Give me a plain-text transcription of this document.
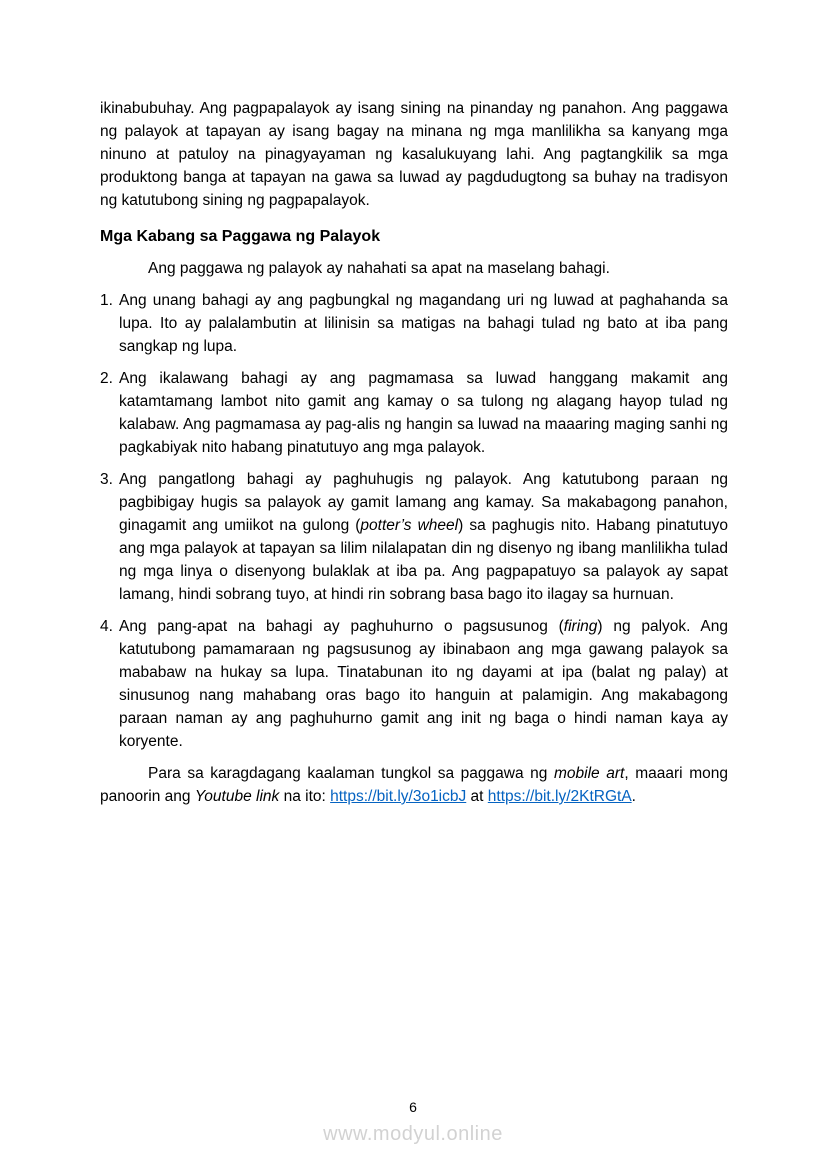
ikinabubuhay. Ang pagpapalayok ay isang sining na pinanday ng panahon. Ang paggawa ng palayok at tapayan ay isang bagay na minana ng mga manlilikha sa kanyang mga ninuno at patuloy na pinagyayaman ng kasalukuyang lahi. Ang pagtangkilik sa mga produktong banga at tapayan na gawa sa luwad ay pagdudugtong sa buhay na tradisyon ng katutubong sining ng pagpapalayok.

Mga Kabang sa Paggawa ng Palayok

Ang paggawa ng palayok ay nahahati sa apat na maselang bahagi.

1. Ang unang bahagi ay ang pagbungkal ng magandang uri ng luwad at paghahanda sa lupa. Ito ay palalambutin at lilinisin sa matigas na bahagi tulad ng bato at iba pang sangkap ng lupa.
2. Ang ikalawang bahagi ay ang pagmamasa sa luwad hanggang makamit ang katamtamang lambot nito gamit ang kamay o sa tulong ng alagang hayop tulad ng kalabaw. Ang pagmamasa ay pag-alis ng hangin sa luwad na maaaring maging sanhi ng pagkabiyak nito habang pinatutuyo ang mga palayok.
3. Ang pangatlong bahagi ay paghuhugis ng palayok. Ang katutubong paraan ng pagbibigay hugis sa palayok ay gamit lamang ang kamay. Sa makabagong panahon, ginagamit ang umiikot na gulong (potter’s wheel) sa paghugis nito. Habang pinatutuyo ang mga palayok at tapayan sa lilim nilalapatan din ng disenyo ng ibang manlilikha tulad ng mga linya o disenyong bulaklak at iba pa. Ang pagpapatuyo sa palayok ay sapat lamang, hindi sobrang tuyo, at hindi rin sobrang basa bago ito ilagay sa hurnuan.
4. Ang pang-apat na bahagi ay paghuhurno o pagsusunog (firing) ng palyok. Ang katutubong pamamaraan ng pagsusunog ay ibinabaon ang mga gawang palayok sa mababaw na hukay sa lupa. Tinatabunan ito ng dayami at ipa (balat ng palay) at sinusunog nang mahabang oras bago ito hanguin at palamigin. Ang makabagong paraan naman ay ang paghuhurno gamit ang init ng baga o hindi naman kaya ay koryente.

Para sa karagdagang kaalaman tungkol sa paggawa ng mobile art, maaari mong panoorin ang Youtube link na ito: https://bit.ly/3o1icbJ at https://bit.ly/2KtRGtA.

6
www.modyul.online
